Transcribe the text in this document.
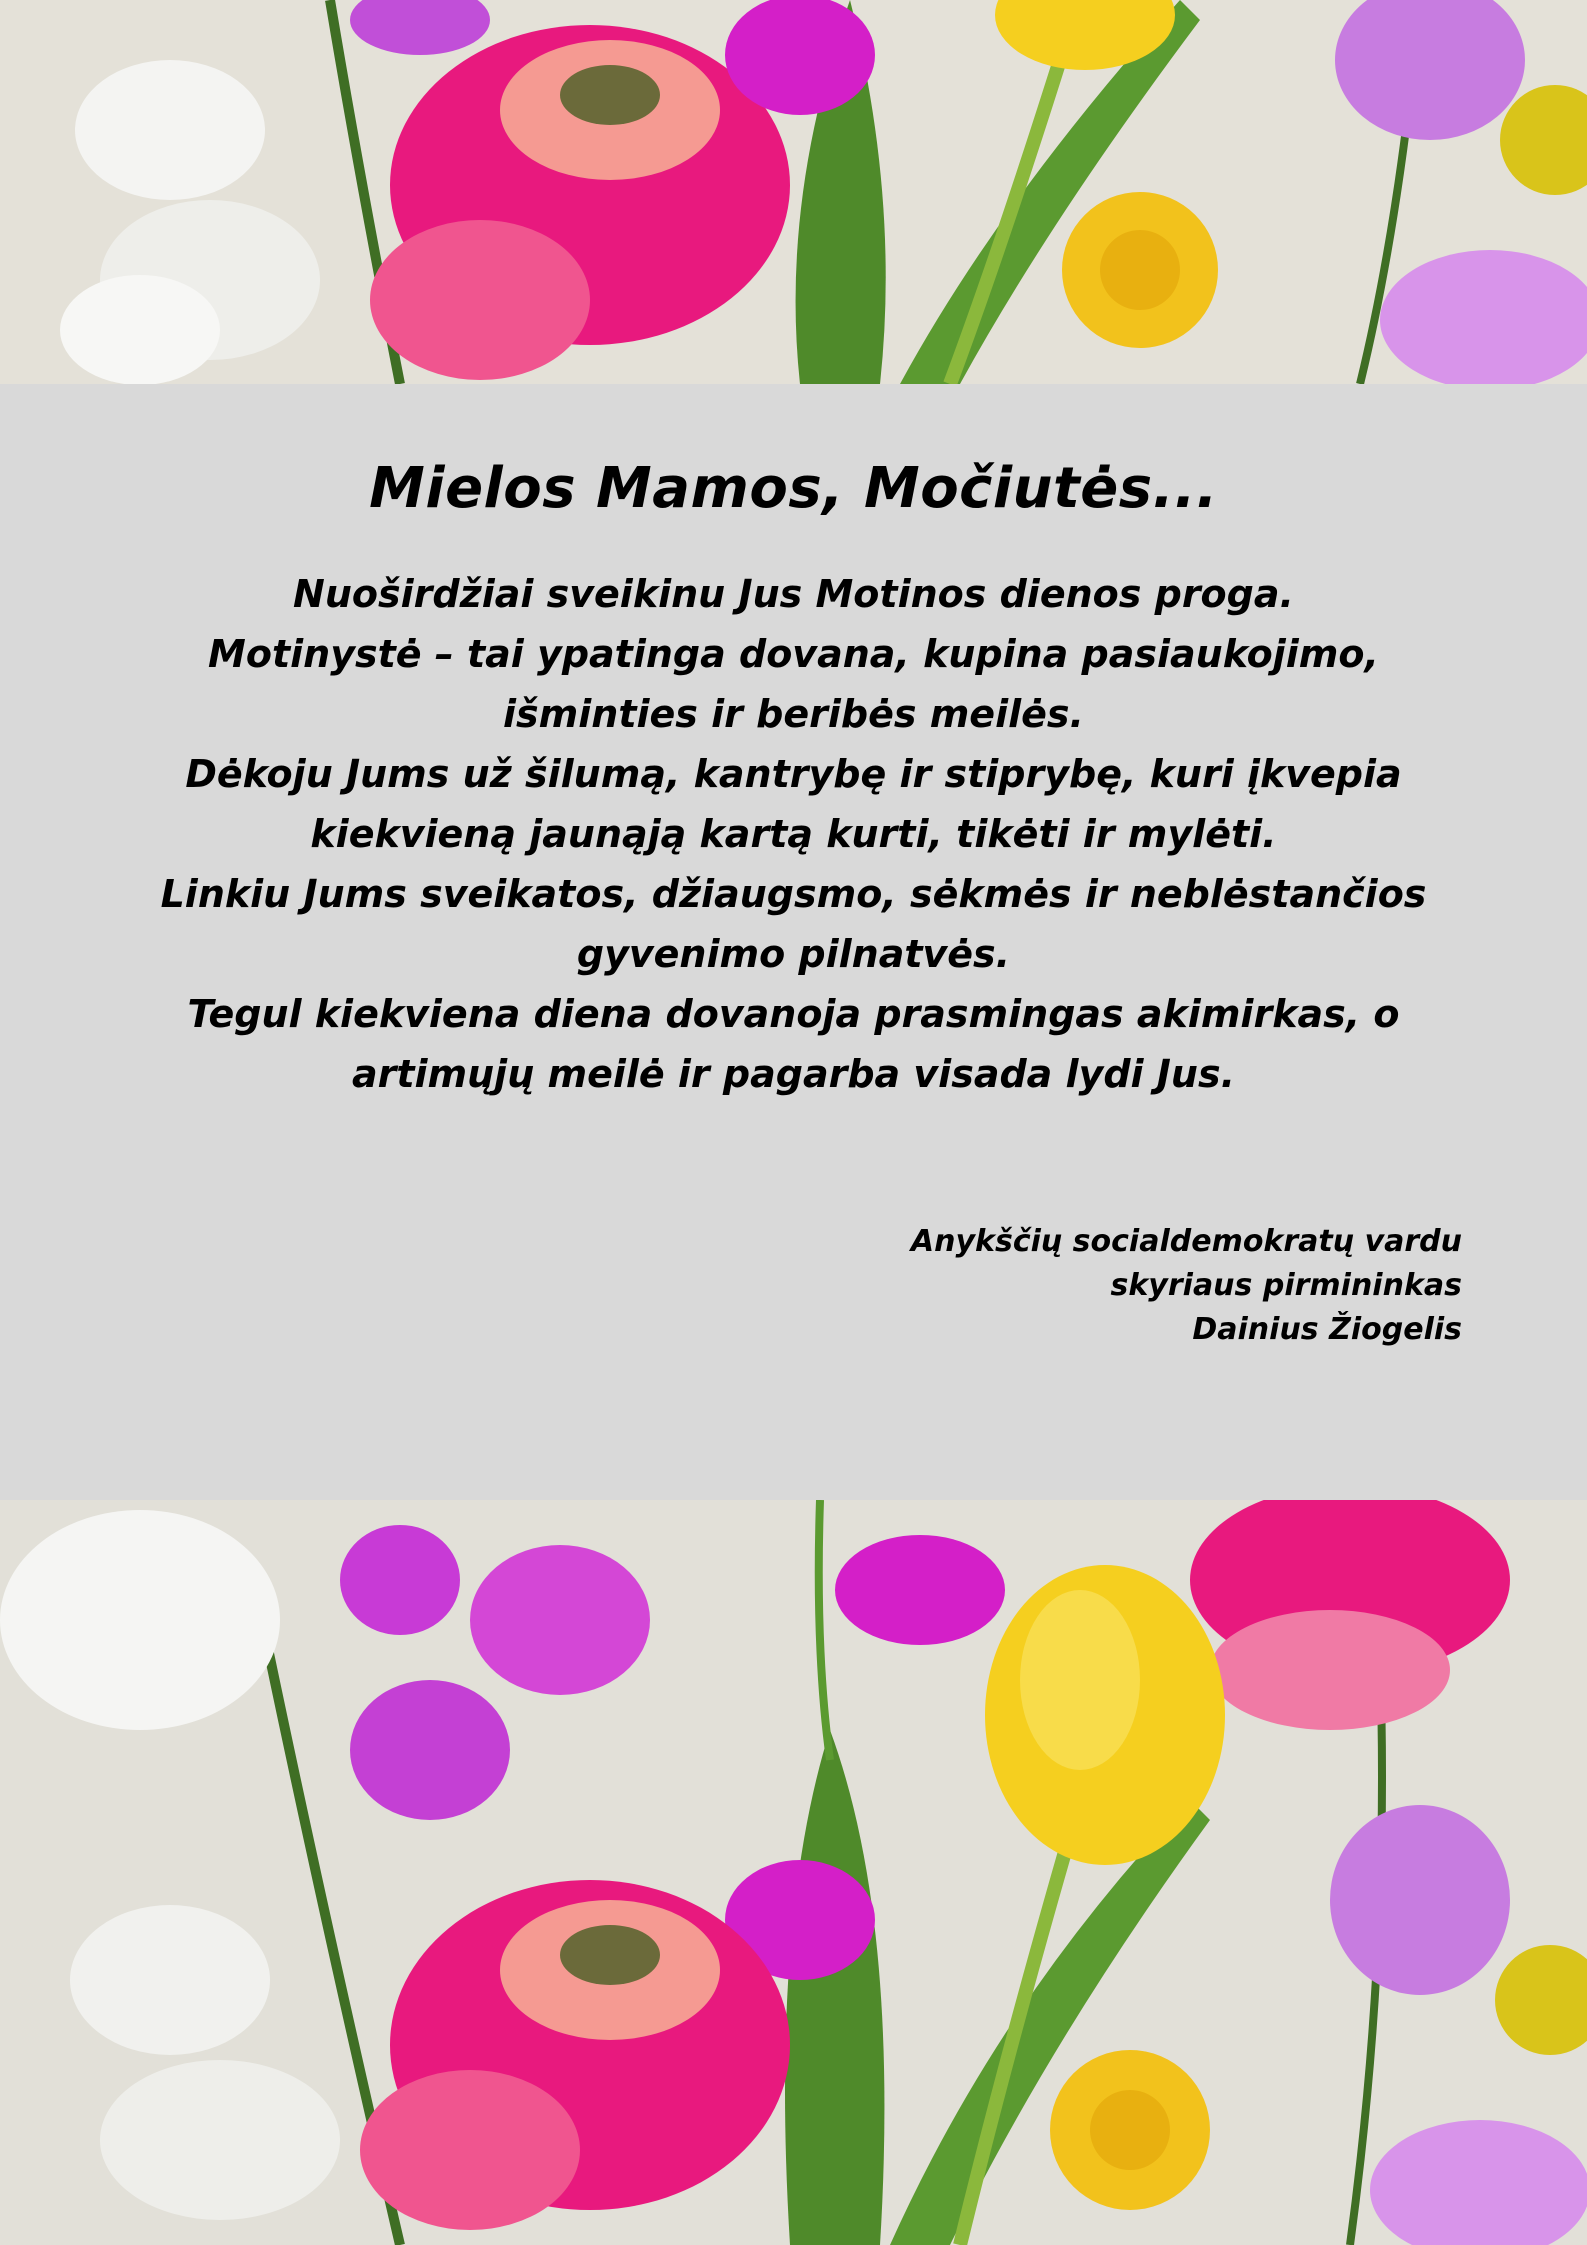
Mielos Mamos, Močiutės...

Nuoširdžiai sveikinu Jus Motinos dienos proga.
Motinystė – tai ypatinga dovana, kupina pasiaukojimo,
išminties ir beribės meilės.
Dėkoju Jums už šilumą, kantrybę ir stiprybę, kuri įkvepia
kiekvieną jaunąją kartą kurti, tikėti ir mylėti.
Linkiu Jums sveikatos, džiaugsmo, sėkmės ir neblėstančios
gyvenimo pilnatvės.
Tegul kiekviena diena dovanoja prasmingas akimirkas, o
artimųjų meilė ir pagarba visada lydi Jus.

Anykščių socialdemokratų vardu
skyriaus pirmininkas
Dainius Žiogelis
